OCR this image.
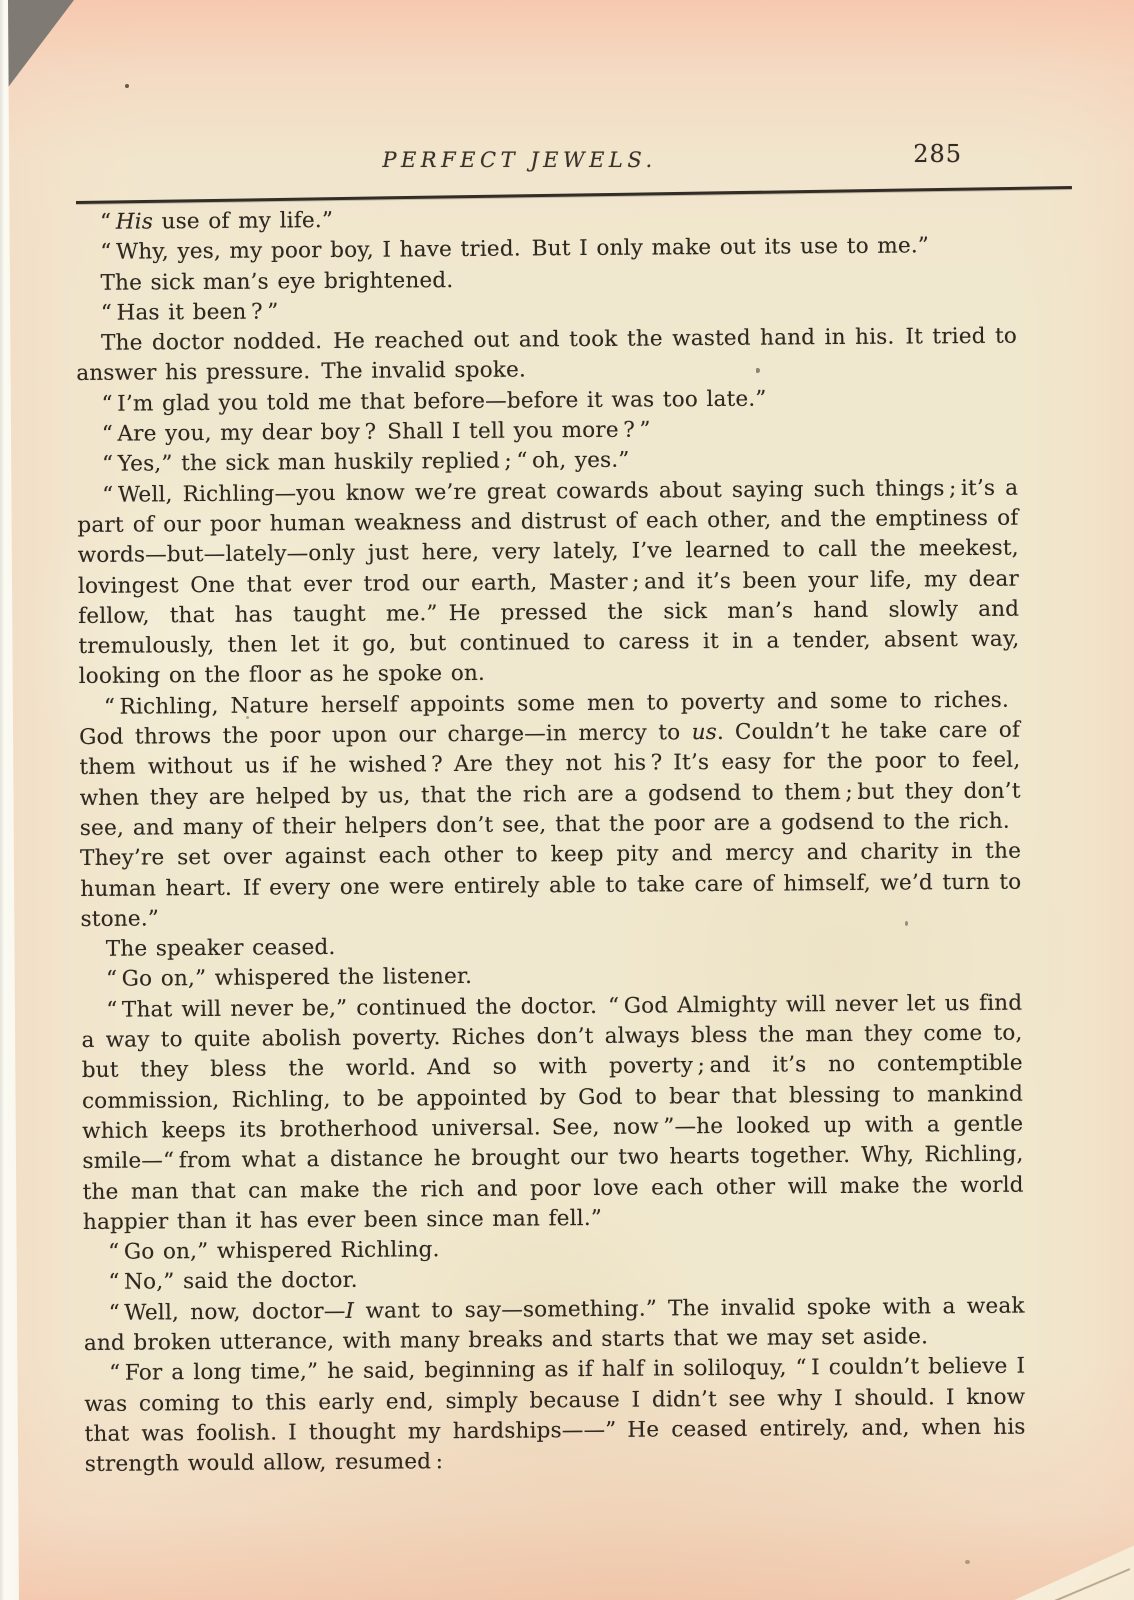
PERFECT JEWELS.	285

“ His use of my life.”

“ Why, yes, my poor boy, I have tried. But I only make out its use to me.”

The sick man’s eye brightened.

“ Has it been ? ”

The doctor nodded. He reached out and took the wasted hand in his. It tried to answer his pressure. The invalid spoke.

“ I’m glad you told me that before—before it was too late.”

“ Are you, my dear boy ? Shall I tell you more ? ”

“ Yes,” the sick man huskily replied ; “ oh, yes.”

“ Well, Richling—you know we’re great cowards about saying such things ; it’s a part of our poor human weakness and distrust of each other, and the emptiness of words—but—lately—only just here, very lately, I’ve learned to call the meekest, lovingest One that ever trod our earth, Master ; and it’s been your life, my dear fellow, that has taught me.” He pressed the sick man’s hand slowly and tremulously, then let it go, but continued to caress it in a tender, absent way, looking on the floor as he spoke on.

“ Richling, Nature herself appoints some men to poverty and some to riches. God throws the poor upon our charge—in mercy to us. Couldn’t he take care of them without us if he wished ? Are they not his ? It’s easy for the poor to feel, when they are helped by us, that the rich are a godsend to them ; but they don’t see, and many of their helpers don’t see, that the poor are a godsend to the rich. They’re set over against each other to keep pity and mercy and charity in the human heart. If every one were entirely able to take care of himself, we’d turn to stone.”

The speaker ceased.

“ Go on,” whispered the listener.

“ That will never be,” continued the doctor. “ God Almighty will never let us find a way to quite abolish poverty. Riches don’t always bless the man they come to, but they bless the world. And so with poverty ; and it’s no contemptible commission, Richling, to be appointed by God to bear that blessing to mankind which keeps its brotherhood universal. See, now ”—he looked up with a gentle smile—“ from what a distance he brought our two hearts together. Why, Richling, the man that can make the rich and poor love each other will make the world happier than it has ever been since man fell.”

“ Go on,” whispered Richling.

“ No,” said the doctor.

“ Well, now, doctor—I want to say—something.” The invalid spoke with a weak and broken utterance, with many breaks and starts that we may set aside.

“ For a long time,” he said, beginning as if half in soliloquy, “ I couldn’t believe I was coming to this early end, simply because I didn’t see why I should. I know that was foolish. I thought my hardships——” He ceased entirely, and, when his strength would allow, resumed :
